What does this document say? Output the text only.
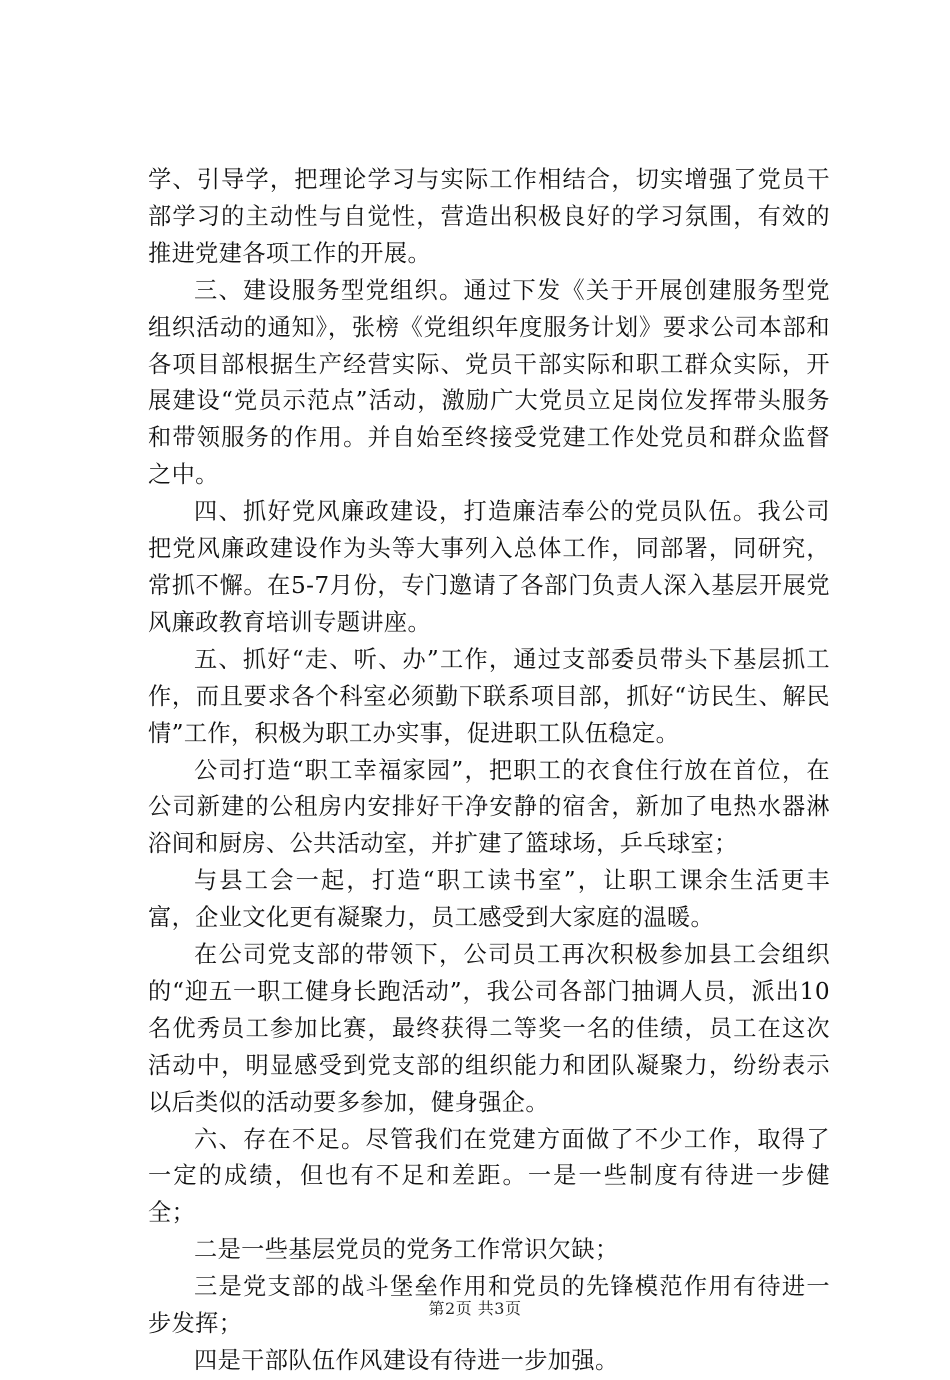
学、引导学，把理论学习与实际工作相结合，切实增强了党员干部学习的主动性与自觉性，营造出积极良好的学习氛围，有效的推进党建各项工作的开展。

三、建设服务型党组织。通过下发《关于开展创建服务型党组织活动的通知》，张榜《党组织年度服务计划》要求公司本部和各项目部根据生产经营实际、党员干部实际和职工群众实际，开展建设“党员示范点”活动，激励广大党员立足岗位发挥带头服务和带领服务的作用。并自始至终接受党建工作处党员和群众监督之中。

四、抓好党风廉政建设，打造廉洁奉公的党员队伍。我公司把党风廉政建设作为头等大事列入总体工作，同部署，同研究，常抓不懈。在5-7月份，专门邀请了各部门负责人深入基层开展党风廉政教育培训专题讲座。

五、抓好“走、听、办”工作，通过支部委员带头下基层抓工作，而且要求各个科室必须勤下联系项目部，抓好“访民生、解民情”工作，积极为职工办实事，促进职工队伍稳定。

公司打造“职工幸福家园”，把职工的衣食住行放在首位，在公司新建的公租房内安排好干净安静的宿舍，新加了电热水器淋浴间和厨房、公共活动室，并扩建了篮球场，乒乓球室；

与县工会一起，打造“职工读书室”，让职工课余生活更丰富，企业文化更有凝聚力，员工感受到大家庭的温暖。

在公司党支部的带领下，公司员工再次积极参加县工会组织的“迎五一职工健身长跑活动”，我公司各部门抽调人员，派出10名优秀员工参加比赛，最终获得二等奖一名的佳绩，员工在这次活动中，明显感受到党支部的组织能力和团队凝聚力，纷纷表示以后类似的活动要多参加，健身强企。

六、存在不足。尽管我们在党建方面做了不少工作，取得了一定的成绩，但也有不足和差距。一是一些制度有待进一步健全；

二是一些基层党员的党务工作常识欠缺；

三是党支部的战斗堡垒作用和党员的先锋模范作用有待进一步发挥；

四是干部队伍作风建设有待进一步加强。

第2页 共3页
